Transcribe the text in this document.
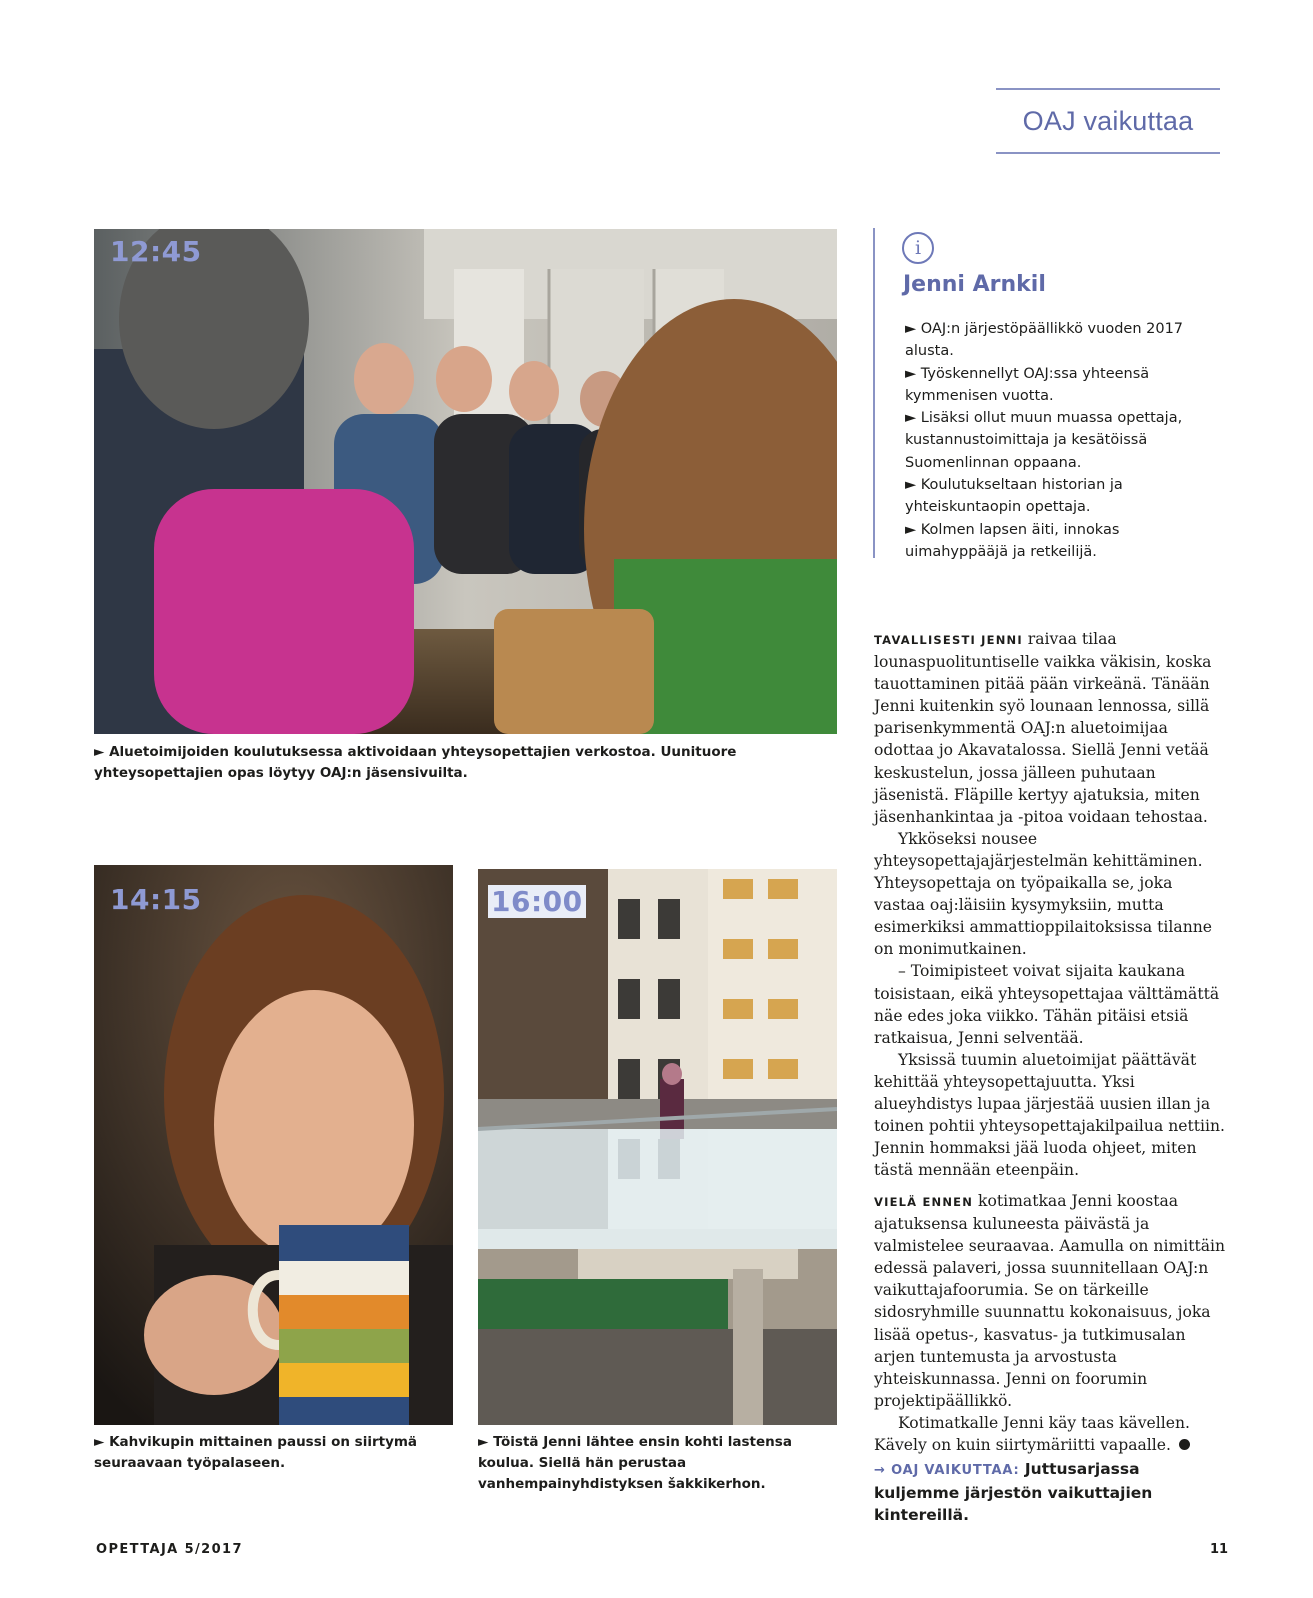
OAJ vaikuttaa
12:45
► Aluetoimijoiden koulutuksessa aktivoidaan yhteysopettajien verkostoa. Uunituore yhteysopettajien opas löytyy OAJ:n jäsensivuilta.
14:15
► Kahvikupin mittainen paussi on siirtymä seuraavaan työpalaseen.
16:00
► Töistä Jenni lähtee ensin kohti lastensa koulua. Siellä hän perustaa vanhempainyhdistyksen šakkikerhon.
i
Jenni Arnkil
► OAJ:n järjestöpäällikkö vuoden 2017 alusta.
► Työskennellyt OAJ:ssa yhteensä kymmenisen vuotta.
► Lisäksi ollut muun muassa opettaja, kustannustoimittaja ja kesätöissä Suomenlinnan oppaana.
► Koulutukseltaan historian ja yhteiskuntaopin opettaja.
► Kolmen lapsen äiti, innokas uimahyppääjä ja retkeilijä.

TAVALLISESTI JENNI raivaa tilaa lounaspuolituntiselle vaikka väkisin, koska tauottaminen pitää pään virkeänä. Tänään Jenni kuitenkin syö lounaan lennossa, sillä parisenkymmentä OAJ:n aluetoimijaa odottaa jo Akavatalossa. Siellä Jenni vetää keskustelun, jossa jälleen puhutaan jäsenistä. Fläpille kertyy ajatuksia, miten jäsenhankintaa ja -pitoa voidaan tehostaa.

Ykköseksi nousee yhteysopettajajärjestelmän kehittäminen. Yhteysopettaja on työpaikalla se, joka vastaa oaj:läisiin kysymyksiin, mutta esimerkiksi ammattioppilaitoksissa tilanne on monimutkainen.

– Toimipisteet voivat sijaita kaukana toisistaan, eikä yhteysopettajaa välttämättä näe edes joka viikko. Tähän pitäisi etsiä ratkaisua, Jenni selventää.

Yksissä tuumin aluetoimijat päättävät kehittää yhteysopettajuutta. Yksi alueyhdistys lupaa järjestää uusien illan ja toinen pohtii yhteysopettajakilpailua nettiin. Jennin hommaksi jää luoda ohjeet, miten tästä mennään eteenpäin.

VIELÄ ENNEN kotimatkaa Jenni koostaa ajatuksensa kuluneesta päivästä ja valmistelee seuraavaa. Aamulla on nimittäin edessä palaveri, jossa suunnitellaan OAJ:n vaikuttajafoorumia. Se on tärkeille sidosryhmille suunnattu kokonaisuus, joka lisää opetus-, kasvatus- ja tutkimusalan arjen tuntemusta ja arvostusta yhteiskunnassa. Jenni on foorumin projektipäällikkö.

Kotimatkalle Jenni käy taas kävellen. Kävely on kuin siirtymäriitti vapaalle.

→ OAJ VAIKUTTAA: Juttusarjassa kuljemme järjestön vaikuttajien kintereillä.
OPETTAJA 5/2017	11
